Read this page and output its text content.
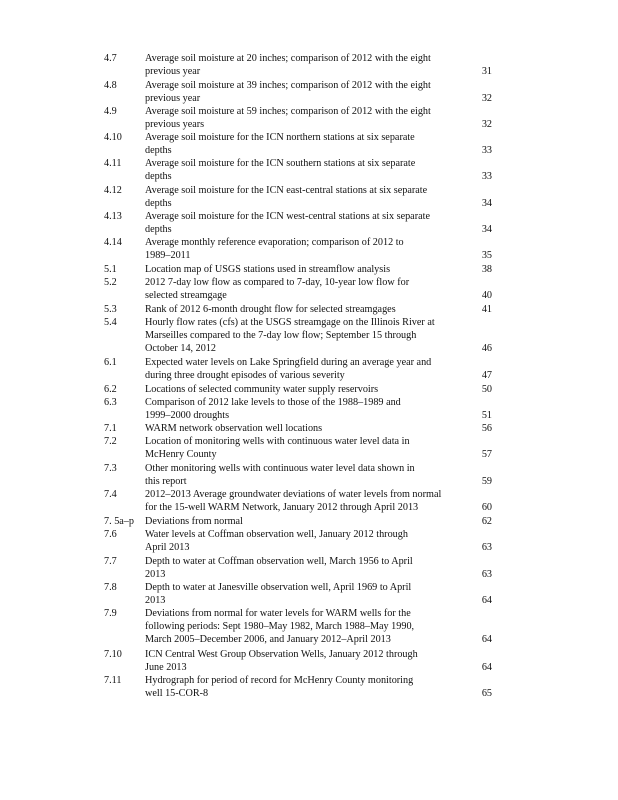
4.7	Average soil moisture at 20 inches; comparison of 2012 with the eight
previous year	31
4.8	Average soil moisture at 39 inches; comparison of 2012 with the eight
previous year	32
4.9	Average soil moisture at 59 inches; comparison of 2012 with the eight
previous years	32
4.10 Average soil moisture for the ICN northern stations at six separate
depths	33
4.11 Average soil moisture for the ICN southern stations at six separate
depths	33
4.12 Average soil moisture for the ICN east-central stations at six separate
depths	34
4.13 Average soil moisture for the ICN west-central stations at six separate
depths	34
4.14 Average monthly reference evaporation; comparison of 2012 to
1989–2011	35
5.1	Location map of USGS stations used in streamflow analysis	38
5.2	2012 7-day low flow as compared to 7-day, 10-year low flow for
selected streamgage	40
5.3	Rank of 2012 6-month drought flow for selected streamgages	41
5.4	Hourly flow rates (cfs) at the USGS streamgage on the Illinois River at
Marseilles compared to the 7-day low flow; September 15 through
October 14, 2012	46
6.1	Expected water levels on Lake Springfield during an average year and
during three drought episodes of various severity	47
6.2	Locations of selected community water supply reservoirs	50
6.3	Comparison of 2012 lake levels to those of the 1988–1989 and
1999–2000 droughts	51
7.1	WARM network observation well locations	56
7.2	Location of monitoring wells with continuous water level data in
McHenry County	57
7.3	Other monitoring wells with continuous water level data shown in
this report	59
7.4	2012–2013 Average groundwater deviations of water levels from normal
for the 15-well WARM Network, January 2012 through April 2013	60
7. 5a–p Deviations from normal	62
7.6	Water levels at Coffman observation well, January 2012 through
April 2013	63
7.7	Depth to water at Coffman observation well, March 1956 to April
2013	63
7.8	Depth to water at Janesville observation well, April 1969 to April
2013	64
7.9	Deviations from normal for water levels for WARM wells for the
following periods: Sept 1980–May 1982, March 1988–May 1990,
March 2005–December 2006, and January 2012–April 2013	64
7.10 ICN Central West Group Observation Wells, January 2012 through
June 2013	64
7.11 Hydrograph for period of record for McHenry County monitoring
well 15-COR-8	65
